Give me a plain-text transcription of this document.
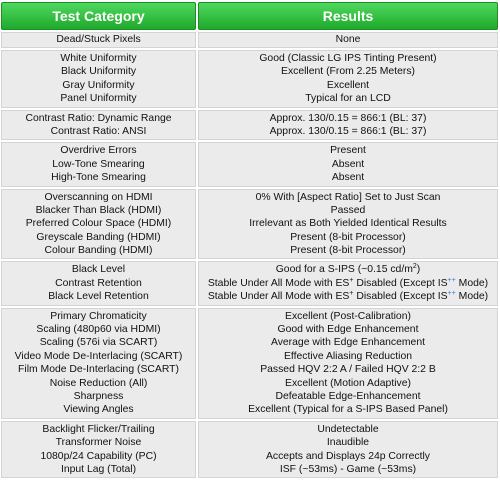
Test Category	Results
Dead/Stuck Pixels	None
White Uniformity
Black Uniformity
Gray Uniformity
Panel Uniformity
Good (Classic LG IPS Tinting Present)
Excellent (From 2.25 Meters)
Excellent
Typical for an LCD
Contrast Ratio: Dynamic Range
Contrast Ratio: ANSI
Approx. 130/0.15 = 866:1 (BL: 37)
Approx. 130/0.15 = 866:1 (BL: 37)
Overdrive Errors
Low-Tone Smearing
High-Tone Smearing
Present
Absent
Absent
Overscanning on HDMI
Blacker Than Black (HDMI)
Preferred Colour Space (HDMI)
Greyscale Banding (HDMI)
Colour Banding (HDMI)
0% With [Aspect Ratio] Set to Just Scan
Passed
Irrelevant as Both Yielded Identical Results
Present (8-bit Processor)
Present (8-bit Processor)
Black Level
Contrast Retention
Black Level Retention
Good for a S-IPS (~0.15 $cd/m^2$)
Stable Under All Mode with ES+ Disabled (Except IS++ Mode)
Stable Under All Mode with ES+ Disabled (Except IS++ Mode)
Primary Chromaticity
Scaling (480p60 via HDMI)
Scaling (576i via SCART)
Video Mode De-Interlacing (SCART)
Film Mode De-Interlacing (SCART)
Noise Reduction (All)
Sharpness
Viewing Angles
Excellent (Post-Calibration)
Good with Edge Enhancement
Average with Edge Enhancement
Effective Aliasing Reduction
Passed HQV 2:2 A / Failed HQV 2:2 B
Excellent (Motion Adaptive)
Defeatable Edge-Enhancement
Excellent (Typical for a S-IPS Based Panel)
Backlight Flicker/Trailing
Transformer Noise
1080p/24 Capability (PC)
Input Lag (Total)
Undetectable
Inaudible
Accepts and Displays 24p Correctly
ISF (~53ms) - Game (~53ms)
